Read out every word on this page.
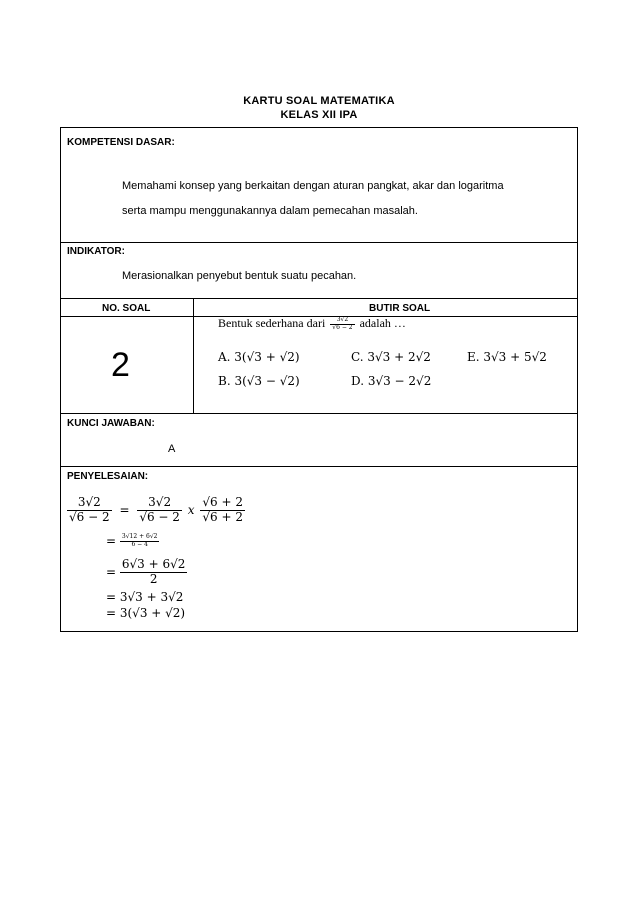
KARTU SOAL MATEMATIKA
KELAS XII IPA
KOMPETENSI DASAR:
Memahami konsep yang berkaitan dengan aturan pangkat, akar dan logaritma
serta mampu menggunakannya dalam pemecahan masalah.
INDIKATOR:
Merasionalkan penyebut bentuk suatu pecahan.
NO. SOAL	BUTIR SOAL
2
Bentuk sederhana dari $\frac{3√2}{√6 - 2}$ adalah …
A. 3(√3 + √2)	C. 3√3 + 2√2	E. 3√3 + 5√2
B. 3(√3 − √2)	D. 3√3 − 2√2
KUNCI JAWABAN:
A
PENYELESAIAN:
$\frac{3√2}{√6 - 2} = \frac{3√2}{√6 - 2}$ x $\frac{√6 + 2}{√6 + 2}$
= $\frac{3√12 + 6√2}{6 - 4}$
= $\frac{6√3 + 6√2}{2}$
= 3√3 + 3√2
= 3(√3 + √2)
